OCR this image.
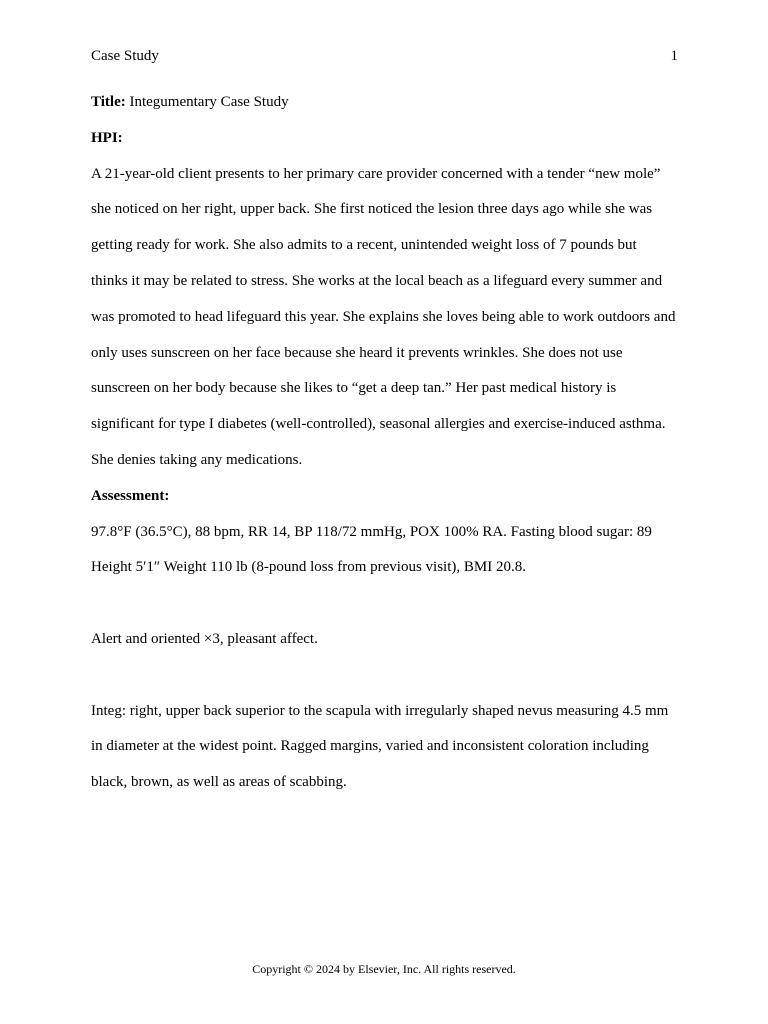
Case Study	1
Title: Integumentary Case Study
HPI:
A 21-year-old client presents to her primary care provider concerned with a tender “new mole”
she noticed on her right, upper back. She first noticed the lesion three days ago while she was
getting ready for work. She also admits to a recent, unintended weight loss of 7 pounds but
thinks it may be related to stress. She works at the local beach as a lifeguard every summer and
was promoted to head lifeguard this year. She explains she loves being able to work outdoors and
only uses sunscreen on her face because she heard it prevents wrinkles. She does not use
sunscreen on her body because she likes to “get a deep tan.” Her past medical history is
significant for type I diabetes (well-controlled), seasonal allergies and exercise-induced asthma.
She denies taking any medications.
Assessment:
97.8°F (36.5°C), 88 bpm, RR 14, BP 118/72 mmHg, POX 100% RA. Fasting blood sugar: 89
Height 5′1″ Weight 110 lb (8-pound loss from previous visit), BMI 20.8.
Alert and oriented ×3, pleasant affect.
Integ: right, upper back superior to the scapula with irregularly shaped nevus measuring 4.5 mm
in diameter at the widest point. Ragged margins, varied and inconsistent coloration including
black, brown, as well as areas of scabbing.
Copyright © 2024 by Elsevier, Inc. All rights reserved.
